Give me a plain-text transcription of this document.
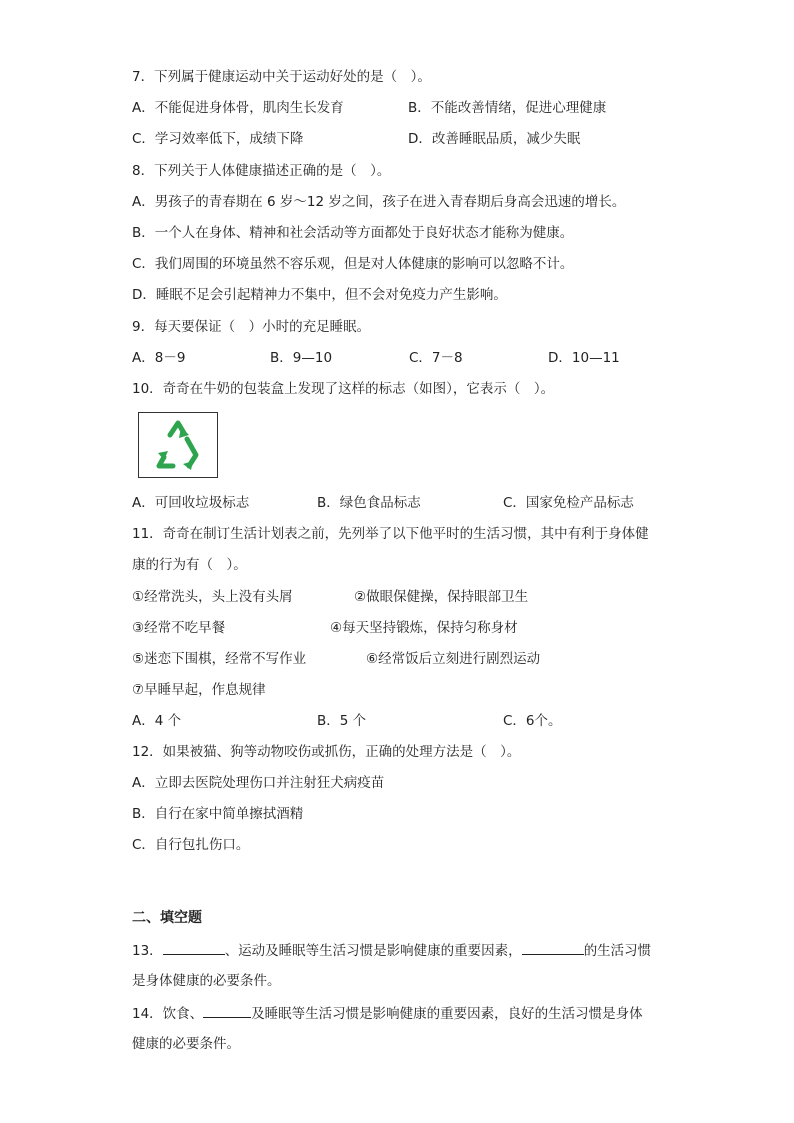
7．下列属于健康运动中关于运动好处的是（　）。
A．不能促进身体骨，肌肉生长发育	B．不能改善情绪，促进心理健康
C．学习效率低下，成绩下降	D．改善睡眠品质，减少失眠
8．下列关于人体健康描述正确的是（　）。
A．男孩子的青春期在 6 岁～12 岁之间，孩子在进入青春期后身高会迅速的增长。
B．一个人在身体、精神和社会活动等方面都处于良好状态才能称为健康。
C．我们周围的环境虽然不容乐观，但是对人体健康的影响可以忽略不计。
D．睡眠不足会引起精神力不集中，但不会对免疫力产生影响。
9．每天要保证（　）小时的充足睡眠。
A．8－9	B．9—10	C．7－8	D．10—11
10．奇奇在牛奶的包装盒上发现了这样的标志（如图），它表示（　）。
A．可回收垃圾标志	B．绿色食品标志	C．国家免检产品标志
11．奇奇在制订生活计划表之前，先列举了以下他平时的生活习惯，其中有利于身体健
康的行为有（　）。
①经常洗头，头上没有头屑	②做眼保健操，保持眼部卫生
③经常不吃早餐	④每天坚持锻炼，保持匀称身材
⑤迷恋下围棋，经常不写作业	⑥经常饭后立刻进行剧烈运动
⑦早睡早起，作息规律
A．4 个	B．5 个	C．6个。
12．如果被猫、狗等动物咬伤或抓伤，正确的处理方法是（　）。
A．立即去医院处理伤口并注射狂犬病疫苗
B．自行在家中简单擦拭酒精
C．自行包扎伤口。
二、填空题
13．	、运动及睡眠等生活习惯是影响健康的重要因素，	的生活习惯
是身体健康的必要条件。
14．饮食、	及睡眠等生活习惯是影响健康的重要因素，良好的生活习惯是身体
健康的必要条件。
